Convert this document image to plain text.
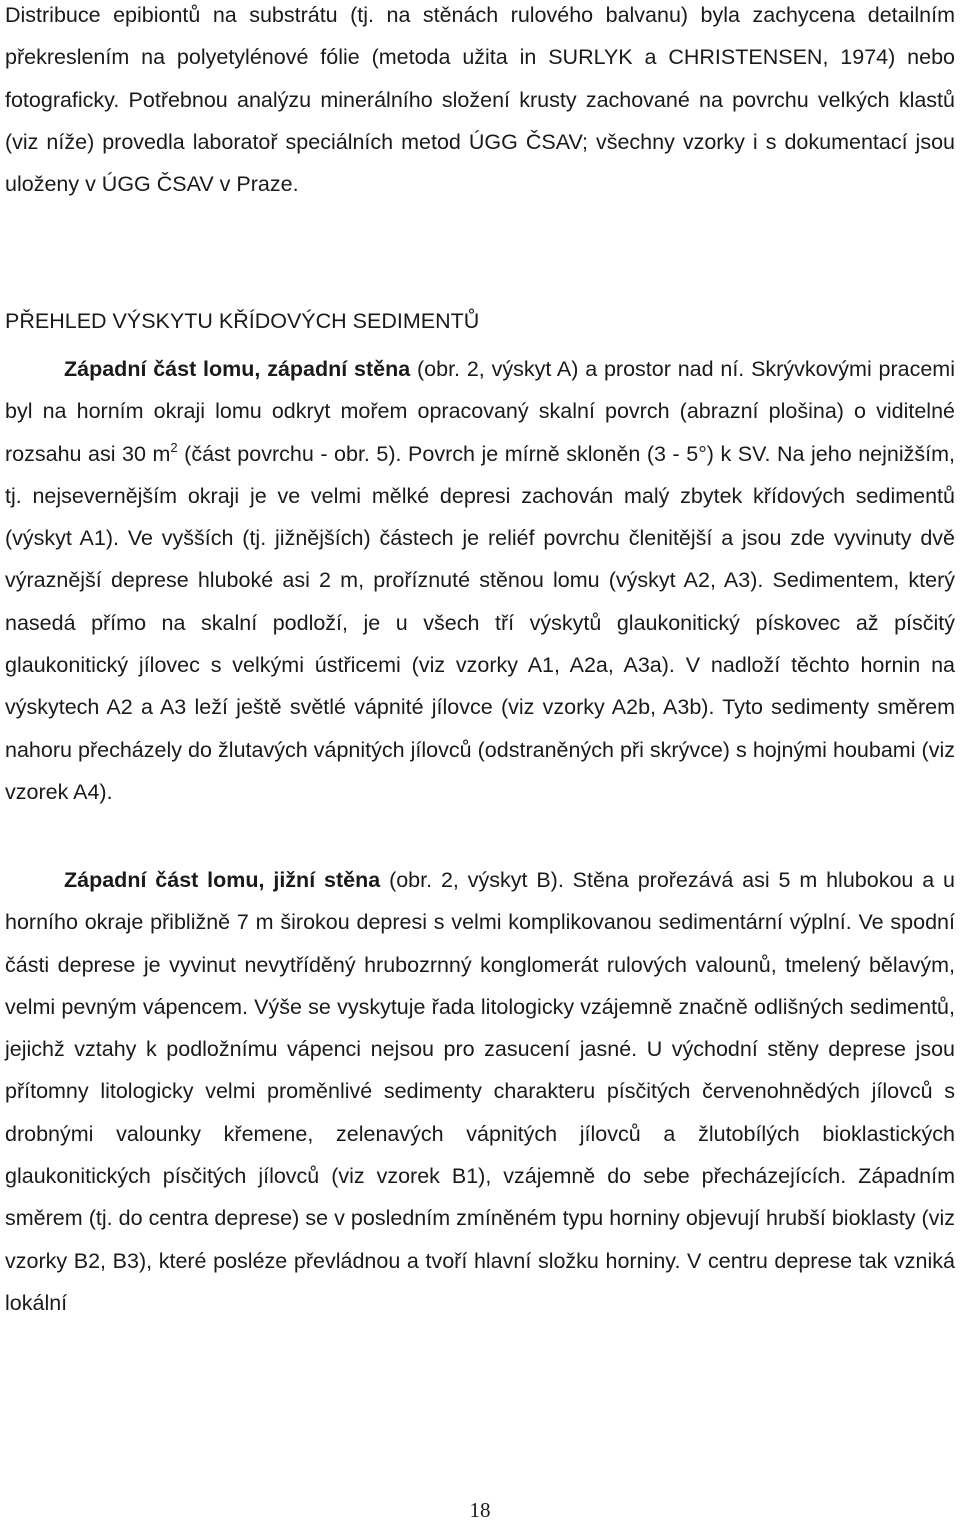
Distribuce epibiontů na substrátu (tj. na stěnách rulového balvanu) byla zachycena detailním překreslením na polyetylénové fólie (metoda užita in SURLYK a CHRISTENSEN, 1974) nebo fotograficky. Potřebnou analýzu minerálního složení krusty zachované na povrchu velkých klastů (viz níže) provedla laboratoř speciálních metod ÚGG ČSAV; všechny vzorky i s dokumentací jsou uloženy v ÚGG ČSAV v Praze.

PŘEHLED VÝSKYTU KŘÍDOVÝCH SEDIMENTŮ

Západní část lomu, západní stěna (obr. 2, výskyt A) a prostor nad ní. Skrývkovými pracemi byl na horním okraji lomu odkryt mořem opracovaný skalní povrch (abrazní plošina) o viditelné rozsahu asi 30 $m^2$ (část povrchu - obr. 5). Povrch je mírně skloněn (3 - 5°) k SV. Na jeho nejnižším, tj. nejsevernějším okraji je ve velmi mělké depresi zachován malý zbytek křídových sedimentů (výskyt A1). Ve vyšších (tj. jižnějších) částech je reliéf povrchu členitější a jsou zde vyvinuty dvě výraznější deprese hluboké asi 2 m, proříznuté stěnou lomu (výskyt A2, A3). Sedimentem, který nasedá přímo na skalní podloží, je u všech tří výskytů glaukonitický pískovec až písčitý glaukonitický jílovec s velkými ústřicemi (viz vzorky A1, A2a, A3a). V nadloží těchto hornin na výskytech A2 a A3 leží ještě světlé vápnité jílovce (viz vzorky A2b, A3b). Tyto sedimenty směrem nahoru přecházely do žlutavých vápnitých jílovců (odstraněných při skrývce) s hojnými houbami (viz vzorek A4).

Západní část lomu, jižní stěna (obr. 2, výskyt B). Stěna prořezává asi 5 m hlubokou a u horního okraje přibližně 7 m širokou depresi s velmi komplikovanou sedimentární výplní. Ve spodní části deprese je vyvinut nevytříděný hrubozrnný konglomerát rulových valounů, tmelený bělavým, velmi pevným vápencem. Výše se vyskytuje řada litologicky vzájemně značně odlišných sedimentů, jejichž vztahy k podložnímu vápenci nejsou pro zasucení jasné. U východní stěny deprese jsou přítomny litologicky velmi proměnlivé sedimenty charakteru písčitých červenohnědých jílovců s drobnými valounky křemene, zelenavých vápnitých jílovců a žlutobílých bioklastických glaukonitických písčitých jílovců (viz vzorek B1), vzájemně do sebe přecházejících. Západním směrem (tj. do centra deprese) se v posledním zmíněném typu horniny objevují hrubší bioklasty (viz vzorky B2, B3), které posléze převládnou a tvoří hlavní složku horniny. V centru deprese tak vzniká lokální

18
